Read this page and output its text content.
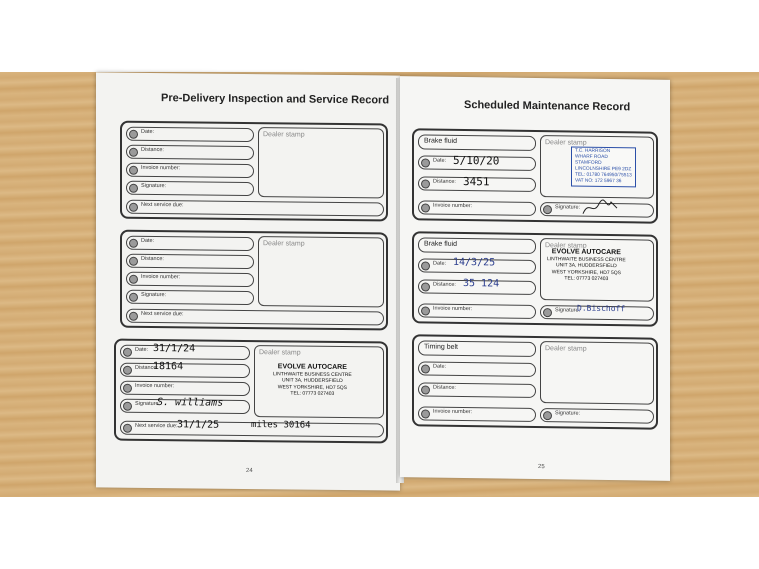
Pre-Delivery Inspection and Service Record
Date:
Distance:
Invoice number:
Signature:
Dealer stamp
Next service due:
Date:
Distance:
Invoice number:
Signature:
Dealer stamp
Next service due:
Date: 31/1/24
Distance:
18164
Invoice number:
Signature:
S. williams
Dealer stamp
EVOLVE AUTOCARE
LINTHWAITE BUSINESS CENTRE
UNIT 3A, HUDDERSFIELD
WEST YORKSHIRE, HD7 5QS
TEL: 07773 027403
Next service due: 31/1/25	miles 30164
24
Scheduled Maintenance Record
Brake fluid
Date: 5/10/20
Distance: 3451
Invoice number:
Dealer stamp
T.C. HARRISON
WHARF ROAD
STAMFORD
LINCOLNSHIRE PE9 2DZ
TEL: 01780 764950/75513
VAT NO: 172 5967 36
Signature:
Brake fluid
Date: 14/3/25
Distance: 35 124
Invoice number:
Dealer stamp
EVOLVE AUTOCARE
LINTHWAITE BUSINESS CENTRE
UNIT 3A, HUDDERSFIELD
WEST YORKSHIRE, HD7 5QS
TEL: 07773 027403
Signature:
D.Bischoff
Timing belt
Date:
Distance:
Invoice number:
Dealer stamp
Signature:
25
